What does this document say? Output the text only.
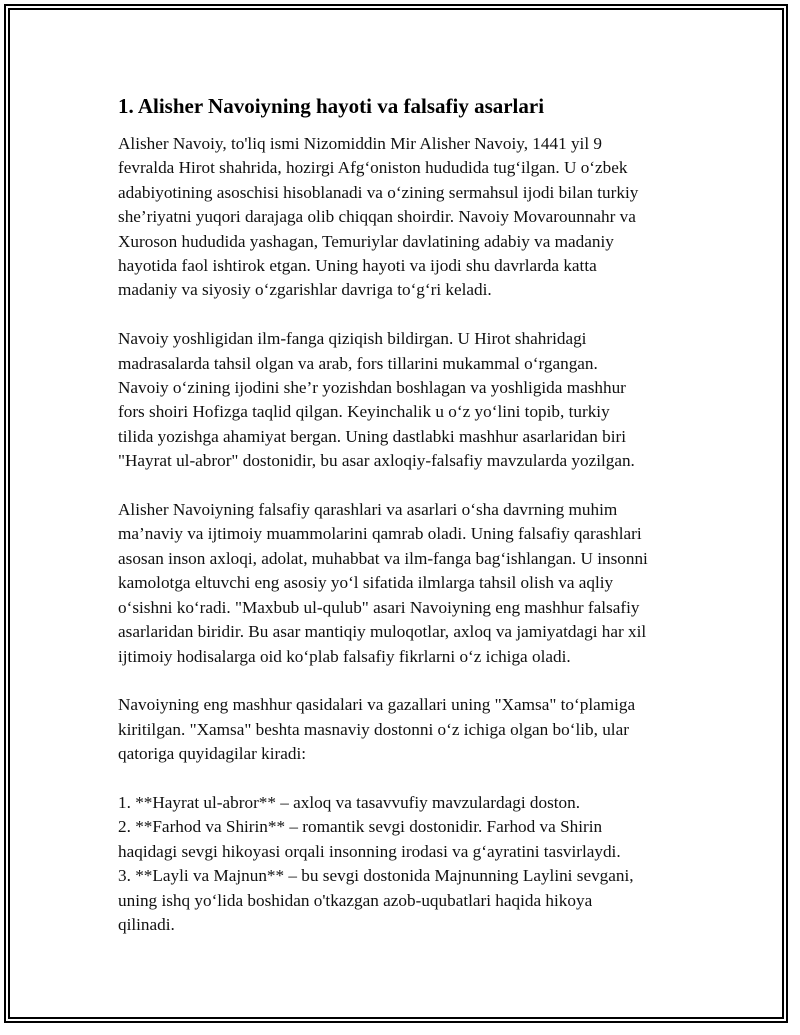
1. Alisher Navoiyning hayoti va falsafiy asarlari

Alisher Navoiy, to'liq ismi Nizomiddin Mir Alisher Navoiy, 1441 yil 9
fevralda Hirot shahrida, hozirgi Afg‘oniston hududida tug‘ilgan. U o‘zbek
adabiyotining asoschisi hisoblanadi va o‘zining sermahsul ijodi bilan turkiy
she’riyatni yuqori darajaga olib chiqqan shoirdir. Navoiy Movarounnahr va
Xuroson hududida yashagan, Temuriylar davlatining adabiy va madaniy
hayotida faol ishtirok etgan. Uning hayoti va ijodi shu davrlarda katta
madaniy va siyosiy o‘zgarishlar davriga to‘g‘ri keladi.

Navoiy yoshligidan ilm-fanga qiziqish bildirgan. U Hirot shahridagi
madrasalarda tahsil olgan va arab, fors tillarini mukammal o‘rgangan.
Navoiy o‘zining ijodini she’r yozishdan boshlagan va yoshligida mashhur
fors shoiri Hofizga taqlid qilgan. Keyinchalik u o‘z yo‘lini topib, turkiy
tilida yozishga ahamiyat bergan. Uning dastlabki mashhur asarlaridan biri
"Hayrat ul-abror" dostonidir, bu asar axloqiy-falsafiy mavzularda yozilgan.

Alisher Navoiyning falsafiy qarashlari va asarlari o‘sha davrning muhim
ma’naviy va ijtimoiy muammolarini qamrab oladi. Uning falsafiy qarashlari
asosan inson axloqi, adolat, muhabbat va ilm-fanga bag‘ishlangan. U insonni
kamolotga eltuvchi eng asosiy yo‘l sifatida ilmlarga tahsil olish va aqliy
o‘sishni ko‘radi. "Maxbub ul-qulub" asari Navoiyning eng mashhur falsafiy
asarlaridan biridir. Bu asar mantiqiy muloqotlar, axloq va jamiyatdagi har xil
ijtimoiy hodisalarga oid ko‘plab falsafiy fikrlarni o‘z ichiga oladi.

Navoiyning eng mashhur qasidalari va gazallari uning "Xamsa" to‘plamiga
kiritilgan. "Xamsa" beshta masnaviy dostonni o‘z ichiga olgan bo‘lib, ular
qatoriga quyidagilar kiradi:

1. **Hayrat ul-abror** – axloq va tasavvufiy mavzulardagi doston.
2. **Farhod va Shirin** – romantik sevgi dostonidir. Farhod va Shirin
haqidagi sevgi hikoyasi orqali insonning irodasi va g‘ayratini tasvirlaydi.
3. **Layli va Majnun** – bu sevgi dostonida Majnunning Laylini sevgani,
uning ishq yo‘lida boshidan o'tkazgan azob-uqubatlari haqida hikoya
qilinadi.
